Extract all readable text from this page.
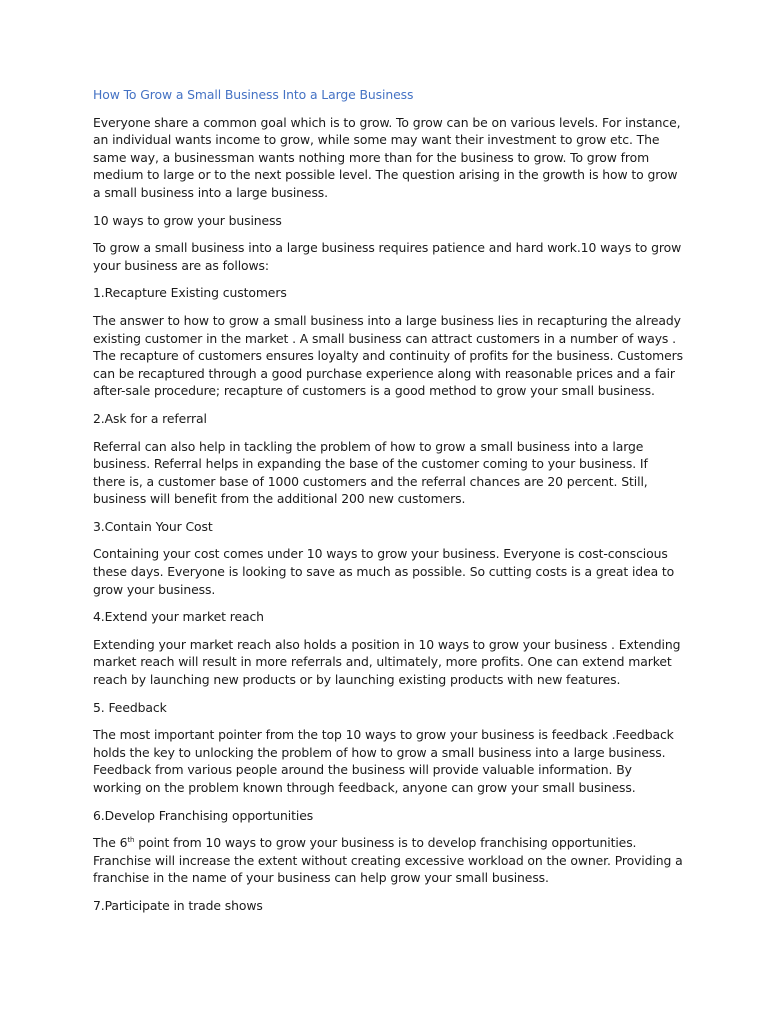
How To Grow a Small Business Into a Large Business

Everyone share a common goal which is to grow. To grow can be on various levels. For instance, an individual wants income to grow, while some may want their investment to grow etc. The same way, a businessman wants nothing more than for the business to grow. To grow from medium to large or to the next possible level. The question arising in the growth is how to grow a small business into a large business.

10 ways to grow your business

To grow a small business into a large business requires patience and hard work.10 ways to grow your business are as follows:

1.Recapture Existing customers

The answer to how to grow a small business into a large business lies in recapturing the already existing customer in the market . A small business can attract customers in a number of ways . The recapture of customers ensures loyalty and continuity of profits for the business. Customers can be recaptured through a good purchase experience along with reasonable prices and a fair after-sale procedure; recapture of customers is a good method to grow your small business.

2.Ask for a referral

Referral can also help in tackling the problem of how to grow a small business into a large business. Referral helps in expanding the base of the customer coming to your business. If there is, a customer base of 1000 customers and the referral chances are 20 percent. Still, business will benefit from the additional 200 new customers.

3.Contain Your Cost

Containing your cost comes under 10 ways to grow your business. Everyone is cost-conscious these days. Everyone is looking to save as much as possible. So cutting costs is a great idea to grow your business.

4.Extend your market reach

Extending your market reach also holds a position in 10 ways to grow your business . Extending market reach will result in more referrals and, ultimately, more profits. One can extend market reach by launching new products or by launching existing products with new features.

5. Feedback

The most important pointer from the top 10 ways to grow your business is feedback .Feedback holds the key to unlocking the problem of how to grow a small business into a large business. Feedback from various people around the business will provide valuable information. By working on the problem known through feedback, anyone can grow your small business.

6.Develop Franchising opportunities

The 6th point from 10 ways to grow your business is to develop franchising opportunities. Franchise will increase the extent without creating excessive workload on the owner. Providing a franchise in the name of your business can help grow your small business.

7.Participate in trade shows
